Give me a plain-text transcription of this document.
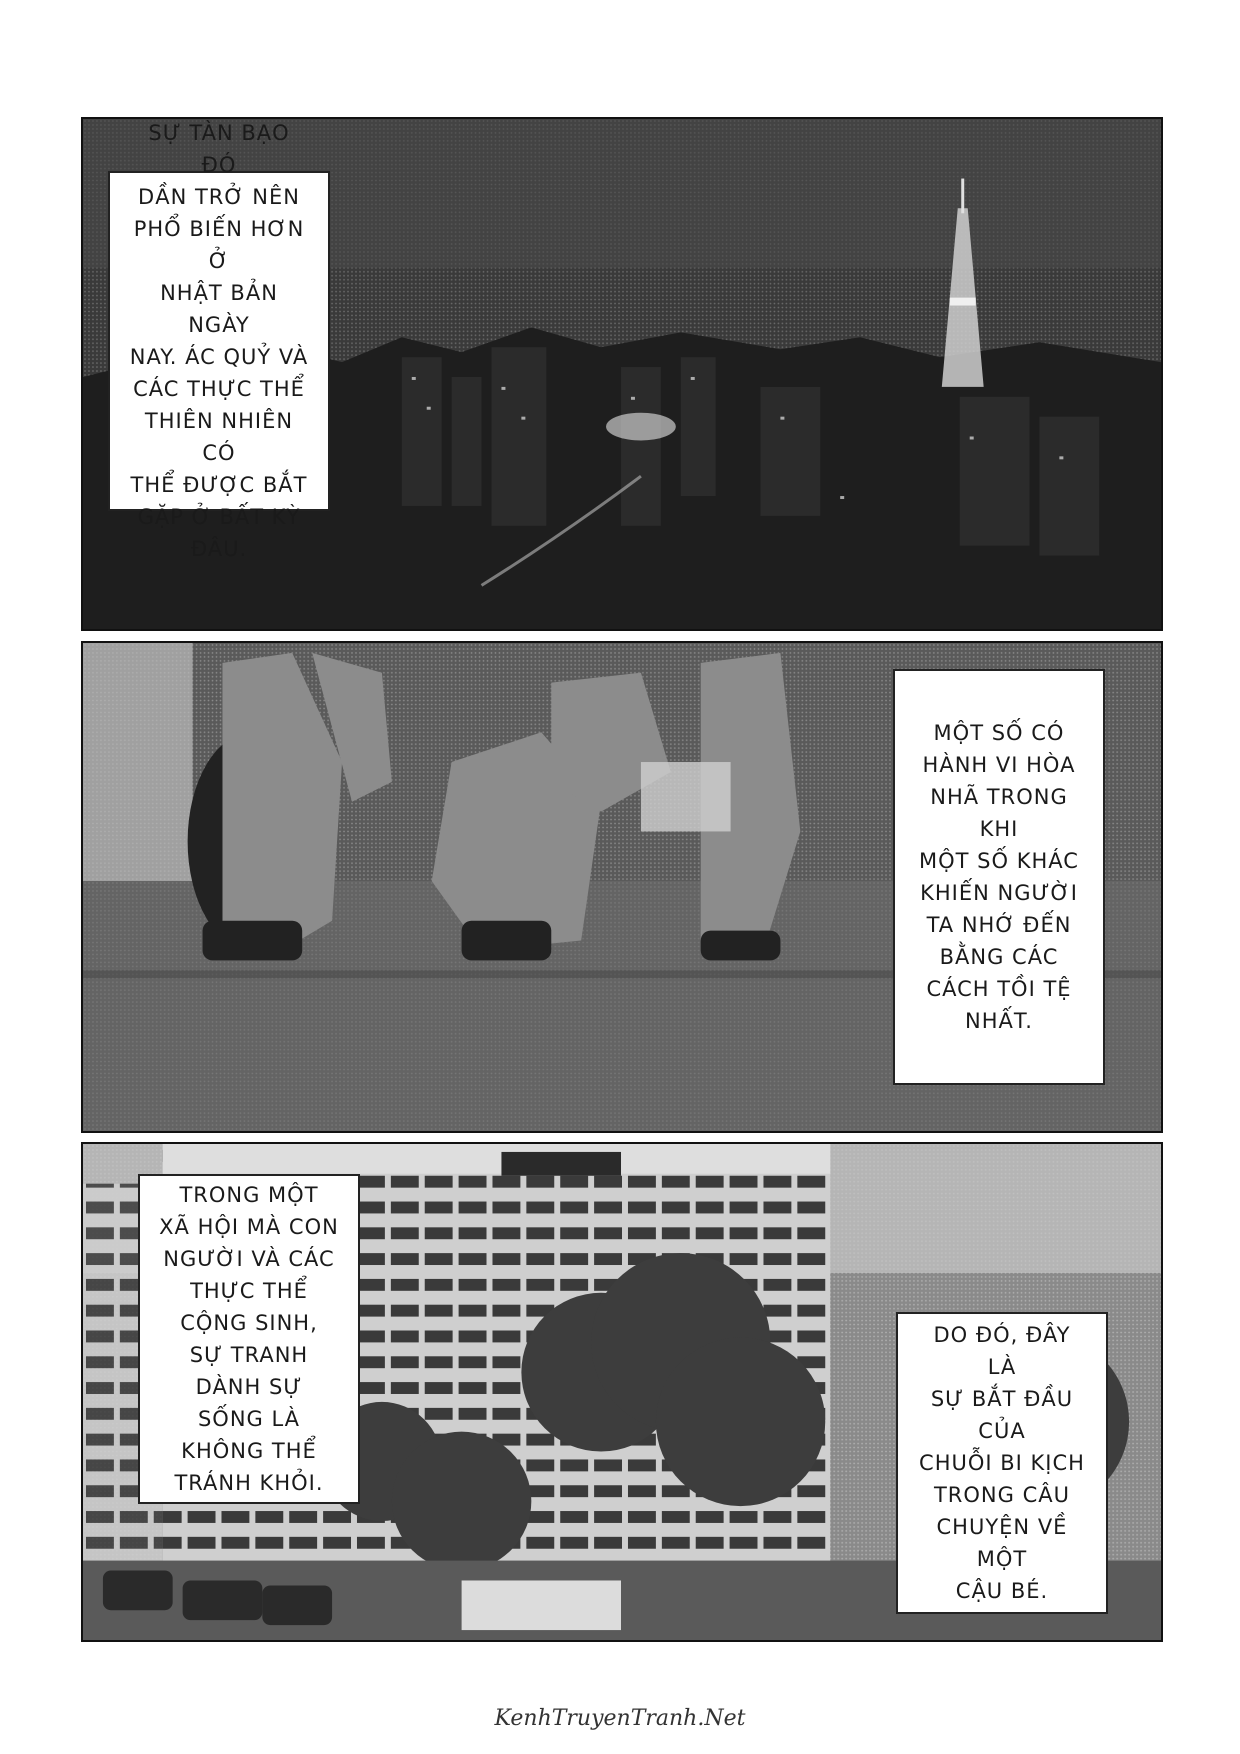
SỰ TÀN BẠO ĐÓ
DẦN TRỞ NÊN
PHỔ BIẾN HƠN Ở
NHẬT BẢN NGÀY
NAY. ÁC QUỶ VÀ
CÁC THỰC THỂ
THIÊN NHIÊN CÓ
THỂ ĐƯỢC BẮT
GẶP Ở BẤT KỲ
ĐÂU.
MỘT SỐ CÓ
HÀNH VI HÒA
NHÃ TRONG KHI
MỘT SỐ KHÁC
KHIẾN NGƯỜI
TA NHỚ ĐẾN
BẰNG CÁC
CÁCH TỒI TỆ
NHẤT.
TRONG MỘT
XÃ HỘI MÀ CON
NGƯỜI VÀ CÁC
THỰC THỂ
CỘNG SINH,
SỰ TRANH
DÀNH SỰ
SỐNG LÀ
KHÔNG THỂ
TRÁNH KHỎI.
DO ĐÓ, ĐÂY LÀ
SỰ BẮT ĐẦU CỦA
CHUỖI BI KỊCH
TRONG CÂU
CHUYỆN VỀ MỘT
CẬU BÉ.
KenhTruyenTranh.Net
